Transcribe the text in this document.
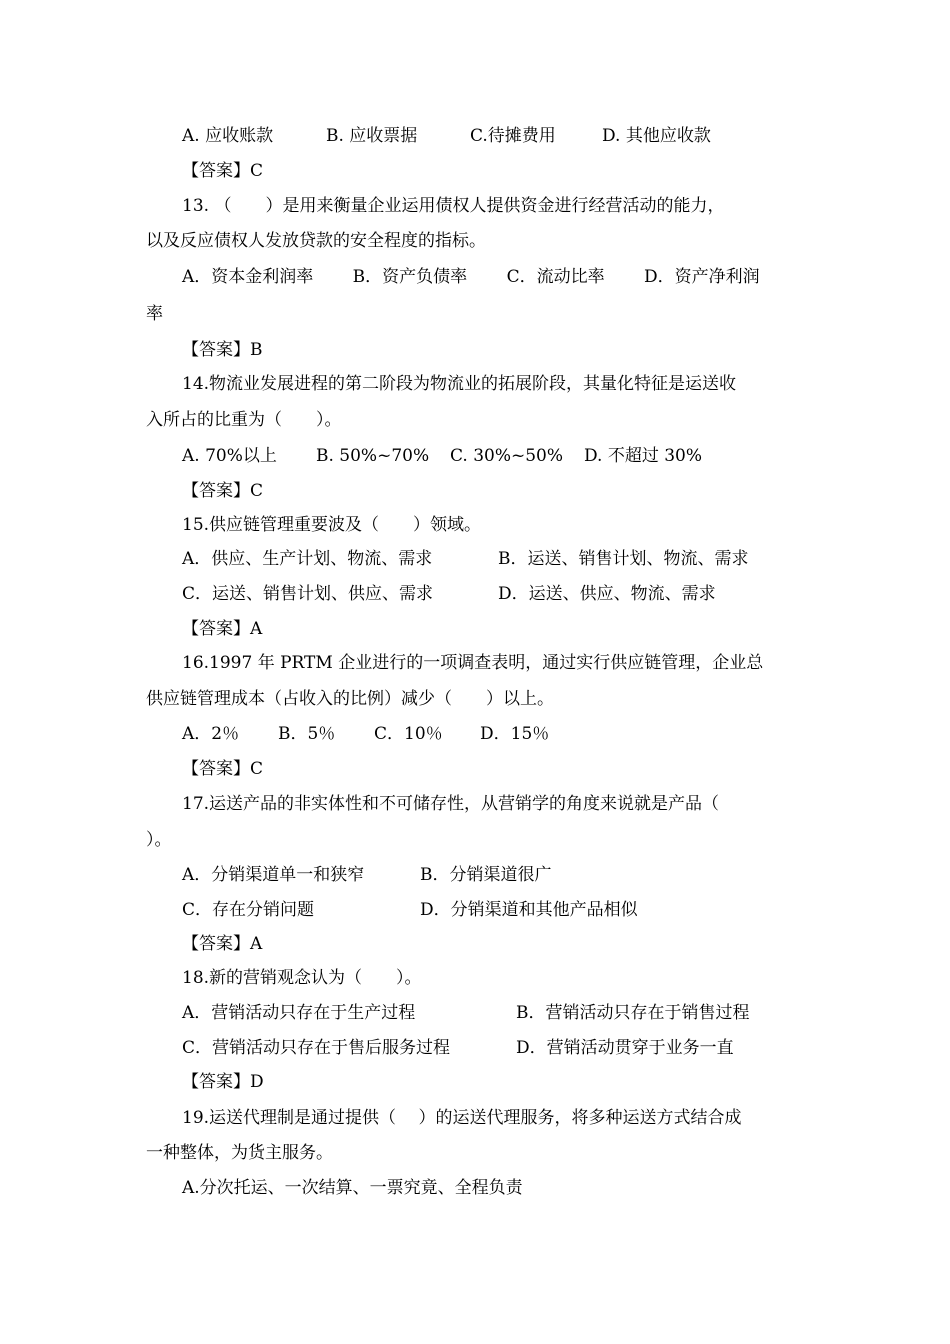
A. 应收账款	B. 应收票据	C.待摊费用	D. 其他应收款
【答案】C
13. （　　）是用来衡量企业运用债权人提供资金进行经营活动的能力，
以及反应债权人发放贷款的安全程度的指标。
A．资本金利润率　　 B．资产负债率　　 C．流动比率　　 D．资产净利润
率
【答案】B
14.物流业发展进程的第二阶段为物流业的拓展阶段，其量化特征是运送收
入所占的比重为（　　）。
A. 70%以上 B. 50%~70% C. 30%~50% D. 不超过 30%
【答案】C
15.供应链管理重要波及（　　）领域。
A．供应、生产计划、物流、需求	B．运送、销售计划、物流、需求
C．运送、销售计划、供应、需求	D．运送、供应、物流、需求
【答案】A
16.1997 年 PRTM 企业进行的一项调查表明，通过实行供应链管理，企业总
供应链管理成本（占收入的比例）减少（　　）以上。
A．2％ B．5％ C．10％ D．15％
【答案】C
17.运送产品的非实体性和不可储存性，从营销学的角度来说就是产品（
）。
A．分销渠道单一和狭窄	B．分销渠道很广
C．存在分销问题	D．分销渠道和其他产品相似
【答案】A
18.新的营销观念认为（　　）。
A．营销活动只存在于生产过程	B．营销活动只存在于销售过程
C．营销活动只存在于售后服务过程	D．营销活动贯穿于业务一直
【答案】D
19.运送代理制是通过提供（　 ）的运送代理服务，将多种运送方式结合成
一种整体，为货主服务。
A.分次托运、一次结算、一票究竟、全程负责
